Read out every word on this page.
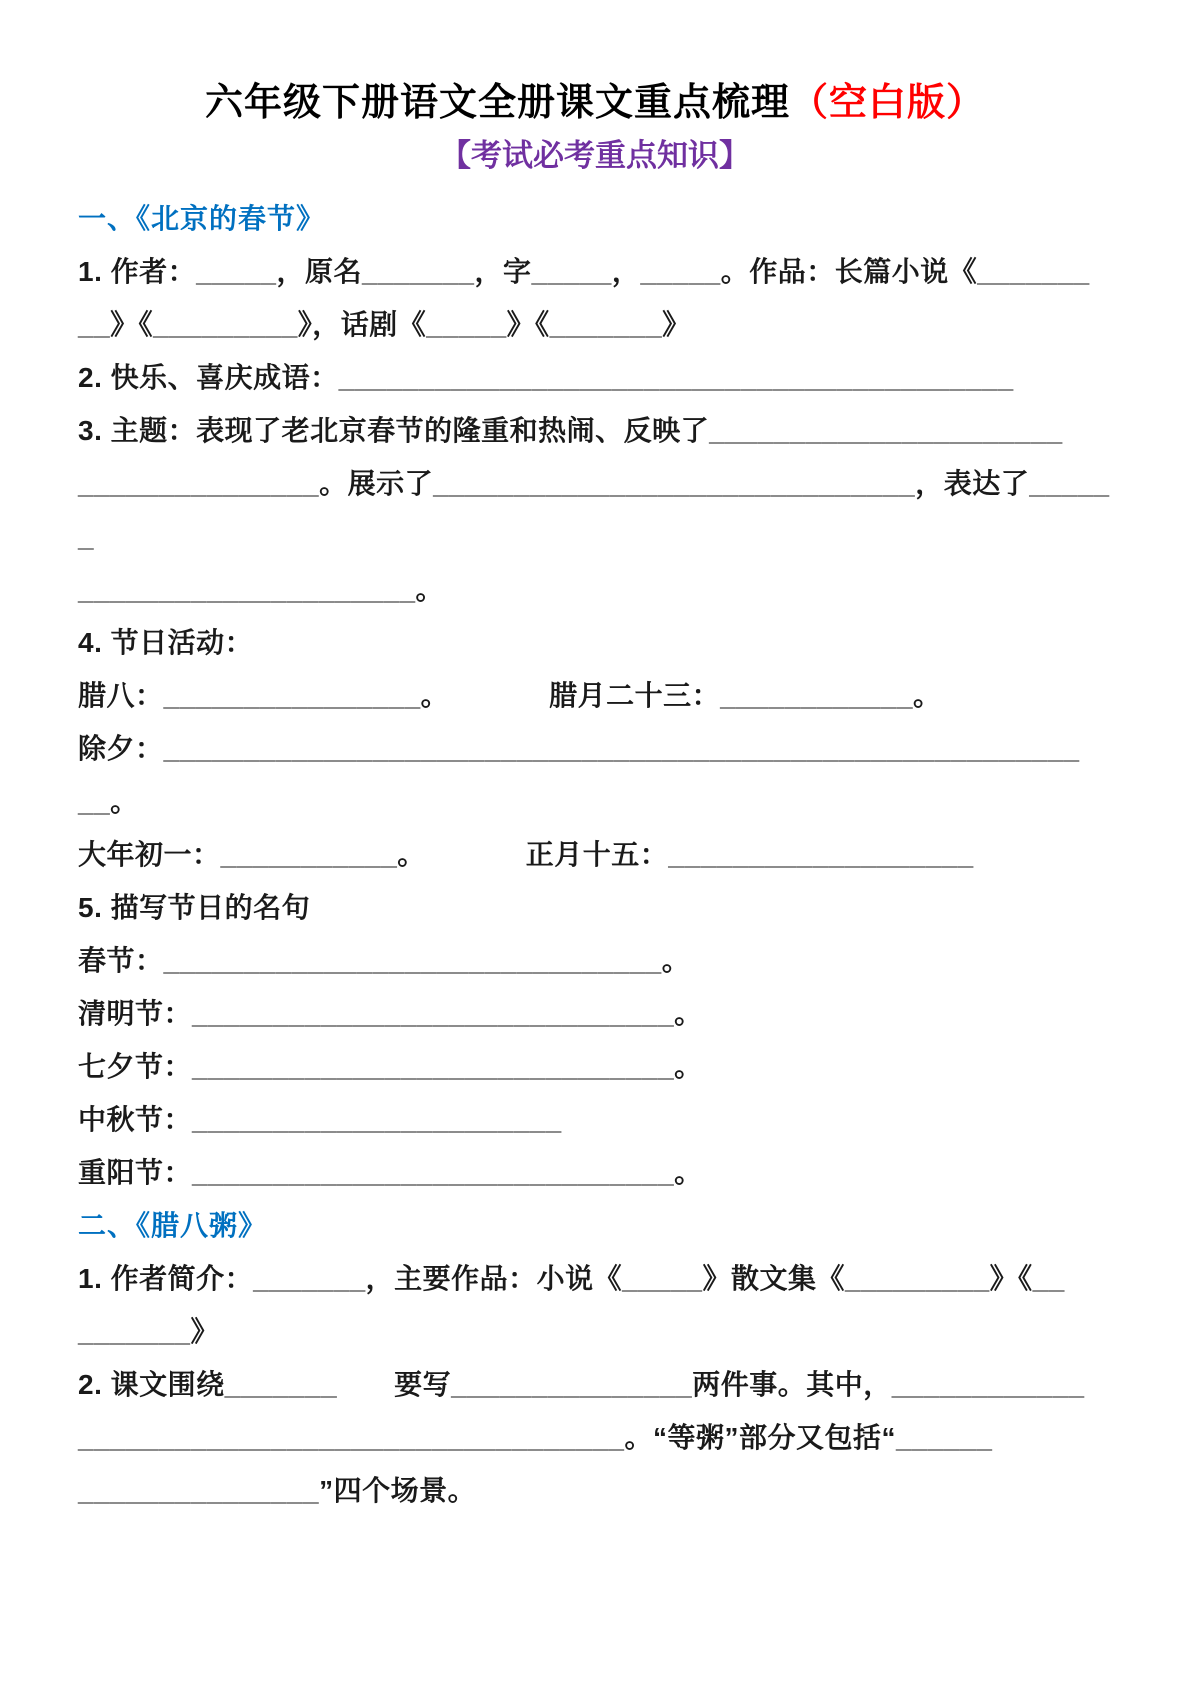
六年级下册语文全册课文重点梳理（空白版）
【考试必考重点知识】
一、《北京的春节》
1. 作者：_____，原名_______，字_____，_____。作品：长篇小说《_______
__》《_________》，话剧《_____》《_______》
2. 快乐、喜庆成语：__________________________________________
3. 主题：表现了老北京春节的隆重和热闹、反映了______________________
_______________。展示了______________________________，表达了______
_____________________。
4. 节日活动：
腊八：________________。　　　　腊月二十三：____________。
除夕：_________________________________________________________
__。
大年初一：___________。　　　　正月十五：___________________
5. 描写节日的名句
春节：_______________________________。
清明节：______________________________。
七夕节：______________________________。
中秋节：_______________________
重阳节：______________________________。
二、《腊八粥》
1. 作者简介：_______，主要作品：小说《_____》散文集《_________》《__
_______》
2. 课文围绕_______　　要写_______________两件事。其中，____________
__________________________________。“等粥”部分又包括“______
_______________”四个场景。
